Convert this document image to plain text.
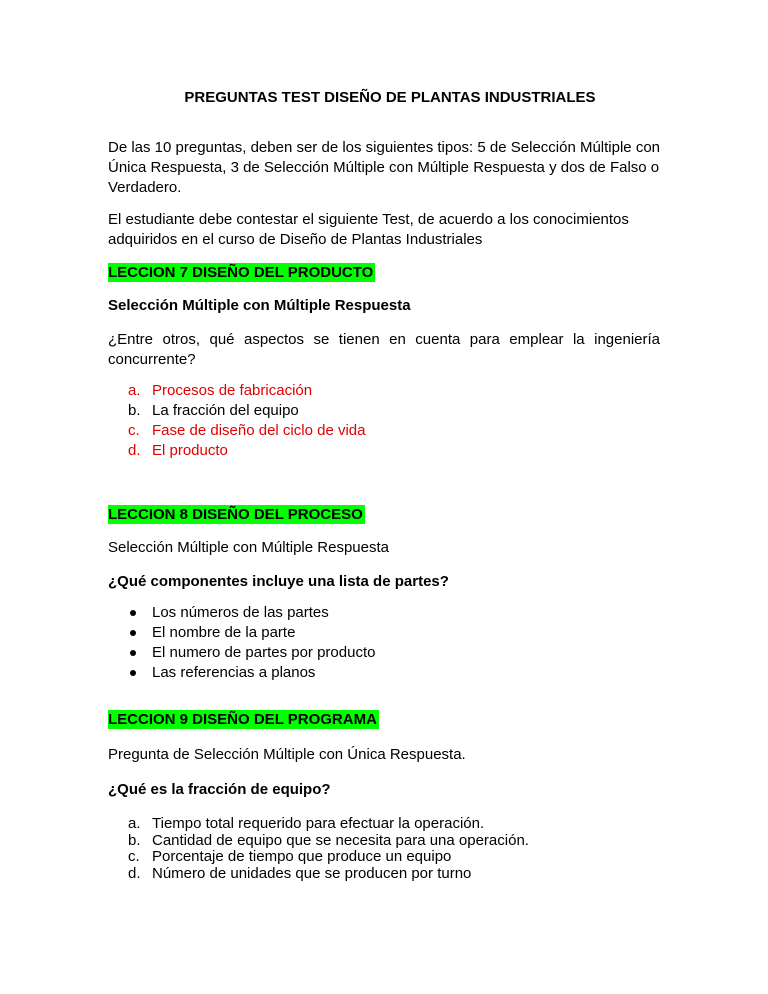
PREGUNTAS TEST DISEÑO DE PLANTAS INDUSTRIALES

De las 10 preguntas, deben ser de los siguientes tipos: 5 de Selección Múltiple con Única Respuesta, 3 de Selección Múltiple con Múltiple Respuesta y dos de Falso o Verdadero.

El estudiante debe contestar el siguiente Test, de acuerdo a los conocimientos adquiridos en el curso de Diseño de Plantas Industriales

LECCION 7 DISEÑO DEL PRODUCTO
Selección Múltiple con Múltiple Respuesta
¿Entre otros, qué aspectos se tienen en cuenta para emplear la ingeniería concurrente?
a. Procesos de fabricación
b. La fracción del equipo
c. Fase de diseño del ciclo de vida
d. El producto
LECCION 8 DISEÑO DEL PROCESO
Selección Múltiple con Múltiple Respuesta
¿Qué componentes incluye una lista de partes?
Los números de las partes
El nombre de la parte
El numero de partes por producto
Las referencias a planos
LECCION 9 DISEÑO DEL PROGRAMA
Pregunta de Selección Múltiple con Única Respuesta.
¿Qué es la fracción de equipo?
a. Tiempo total requerido para efectuar la operación.
b. Cantidad de equipo que se necesita para una operación.
c. Porcentaje de tiempo que produce un equipo
d. Número de unidades que se producen por turno
